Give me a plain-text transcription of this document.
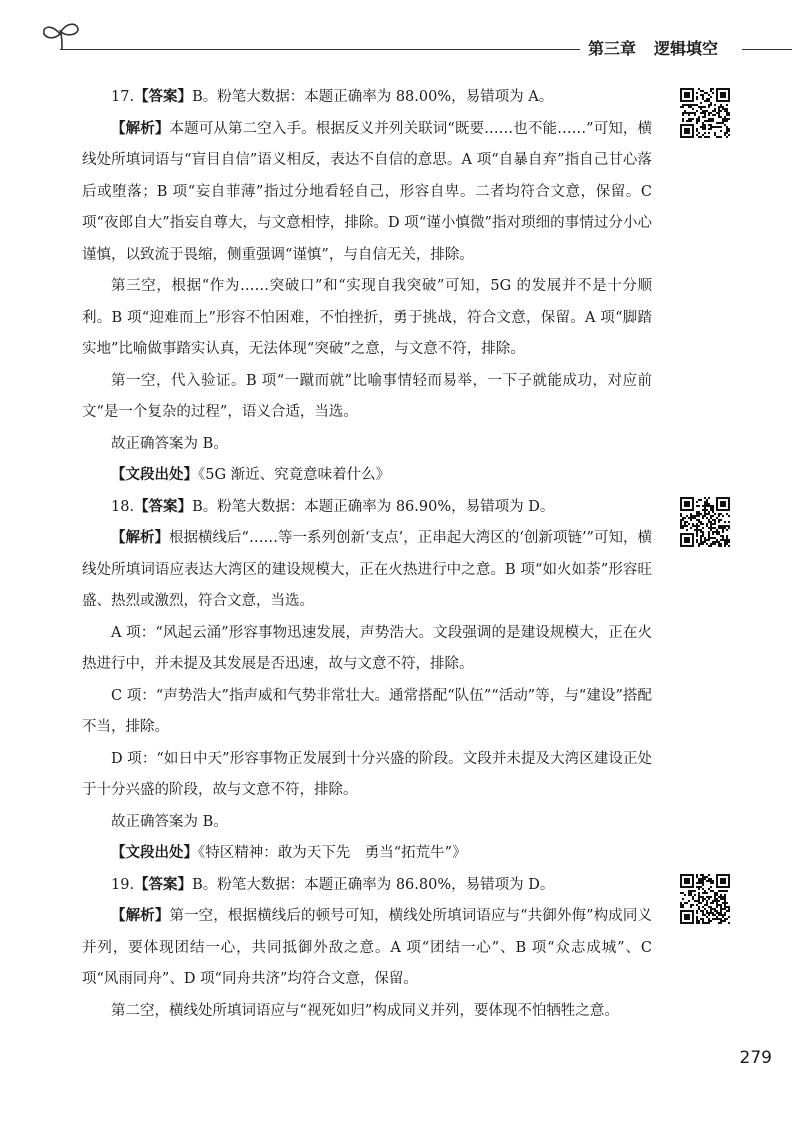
第三章 逻辑填空

17.【答案】B。粉笔大数据：本题正确率为 88.00%，易错项为 A。

【解析】本题可从第二空入手。根据反义并列关联词“既要……也不能……”可知，横线处所填词语与“盲目自信”语义相反，表达不自信的意思。A 项“自暴自弃”指自己甘心落后或堕落；B 项“妄自菲薄”指过分地看轻自己，形容自卑。二者均符合文意，保留。C 项“夜郎自大”指妄自尊大，与文意相悖，排除。D 项“谨小慎微”指对琐细的事情过分小心谨慎，以致流于畏缩，侧重强调“谨慎”，与自信无关，排除。

第三空，根据“作为……突破口”和“实现自我突破”可知，5G 的发展并不是十分顺利。B 项“迎难而上”形容不怕困难，不怕挫折，勇于挑战，符合文意，保留。A 项“脚踏实地”比喻做事踏实认真，无法体现“突破”之意，与文意不符，排除。

第一空，代入验证。B 项“一蹴而就”比喻事情轻而易举，一下子就能成功，对应前文“是一个复杂的过程”，语义合适，当选。

故正确答案为 B。

【文段出处】《5G 渐近、究竟意味着什么》

18.【答案】B。粉笔大数据：本题正确率为 86.90%，易错项为 D。

【解析】根据横线后“……等一系列创新‘支点’，正串起大湾区的‘创新项链’”可知，横线处所填词语应表达大湾区的建设规模大，正在火热进行中之意。B 项“如火如荼”形容旺盛、热烈或激烈，符合文意，当选。

A 项：“风起云涌”形容事物迅速发展，声势浩大。文段强调的是建设规模大，正在火热进行中，并未提及其发展是否迅速，故与文意不符，排除。

C 项：“声势浩大”指声威和气势非常壮大。通常搭配“队伍”“活动”等，与“建设”搭配不当，排除。

D 项：“如日中天”形容事物正发展到十分兴盛的阶段。文段并未提及大湾区建设正处于十分兴盛的阶段，故与文意不符，排除。

故正确答案为 B。

【文段出处】《特区精神：敢为天下先　勇当“拓荒牛”》

19.【答案】B。粉笔大数据：本题正确率为 86.80%，易错项为 D。

【解析】第一空，根据横线后的顿号可知，横线处所填词语应与“共御外侮”构成同义并列，要体现团结一心，共同抵御外敌之意。A 项“团结一心”、B 项“众志成城”、C 项“风雨同舟”、D 项“同舟共济”均符合文意，保留。

第二空，横线处所填词语应与“视死如归”构成同义并列，要体现不怕牺牲之意。

279
